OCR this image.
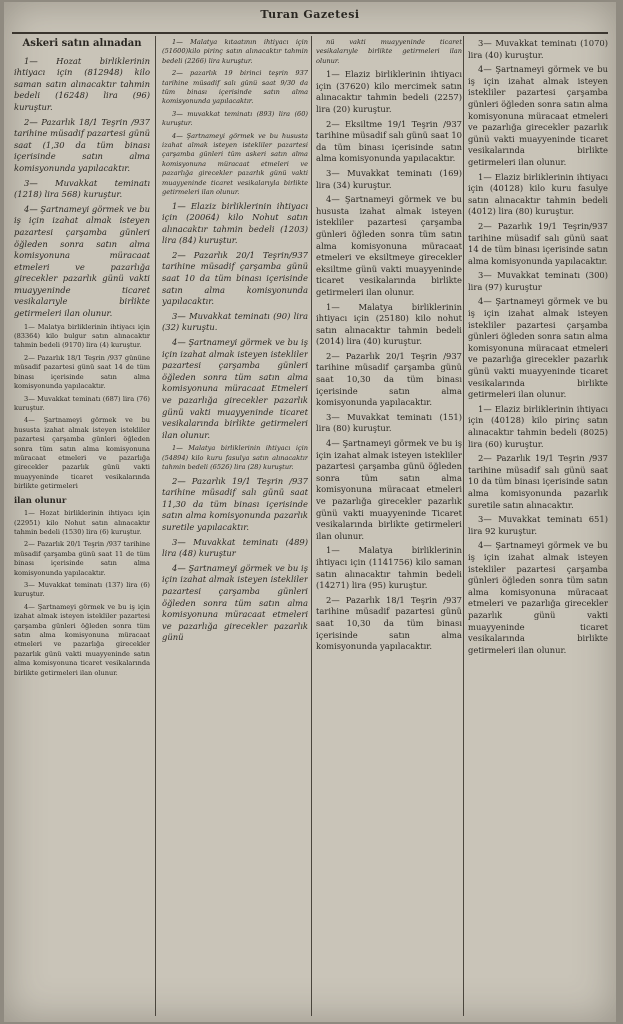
Turan Gazetesi

Askeri satın alınadan

1— Hozat birliklerinin ihtiyacı için (812948) kilo saman satın alınacaktır tahmin bedeli (16248) lira (96) kuruştur.

2— Pazarlık 18/1 Teşrin /937 tarihine müsadif pazartesi günü saat (1,30 da tüm binası içerisinde satın alma komisyonunda yapılacaktır.

3— Muvakkat teminatı (1218) lira 568) kuruştur.

4— Şartnameyi görmek ve bu iş için izahat almak isteyen pazartesi çarşamba günleri öğleden sonra satın alma komisyonuna müracaat etmeleri ve pazarlığa girecekler pazarlık günü vakti muayyeninde ticaret vesikalarıyle birlikte getirmeleri ilan olunur.

1— Malatya birliklerinin ihtiyacı için (83364) kilo bulgur satın alınacaktır tahmin bedeli (9170) lira (4) kuruştur.

2— Pazarlık 18/1 Teşrin /937 gününe müsadif pazartesi günü saat 14 de tüm binası içerisinde satın alma komisyonunda yapılacaktır.

3— Muvakkat teminatı (687) lira (76) kuruştur.

4— Şartnameyi görmek ve bu hususta izahat almak isteyen istekliler pazartesi çarşamba günleri öğleden sonra tüm satın alma komisyonuna müracaat etmeleri ve pazarlığa girecekler pazarlık günü vakti muayyeninde ticaret vesikalarında birlikte getirmeleri

ilan olunur

1— Hozat birliklerinin ihtiyacı için (22951) kilo Nohut satın alınacaktır tahmin bedeli (1530) lira (6) kuruştur.

2— Pazarlık 20/1 Teşrin /937 tarihine müsadif çarşamba günü saat 11 de tüm binası içerisinde satın alma komisyonunda yapılacaktır.

3— Muvakkat teminatı (137) lira (6) kuruştur.

4— Şartnameyi görmek ve bu iş için izahat almak isteyen istekliler pazartesi çarşamba günleri öğleden sonra tüm satın alma komisyonuna müracaat etmeleri ve pazarlığa girecekler pazarlık günü vakti muayyeninde satın alma komisyonuna ticaret vesikalarında birlikte getirmeleri ilan olunur.

1— Malatya kıtaatının ihtiyacı için (51600)kilo pirinç satın alınacaktır tahmin bedeli (2266) lira kuruştur.

2— pazarlık 19 birinci teşrin 937 tarihine müsadif salı günü saat 9/30 da tüm binası içerisinde satın alma komisyonunda yapılacaktır.

3— muvakkat teminatı (893) lira (60) kuruştur.

4— Şartnameyi görmek ve bu hususta izahat almak isteyen istekliler pazartesi çarşamba günleri tüm askeri satın alma komisyonuna müracaat etmeleri ve pazarlığa girecekler pazarlık günü vakti muayyeninde ticaret vesikalarıyla birlikte getirmeleri ilan olunur.

1— Elaziz birliklerinin ihtiyacı için (20064) kilo Nohut satın alınacaktır tahmin bedeli (1203) lira (84) kuruştur.

2— Pazarlık 20/1 Teşrin/937 tarihine müsadif çarşamba günü saat 10 da tüm binası içerisinde satın alma komisyonunda yapılacaktır.

3— Muvakkat teminatı (90) lira (32) kuruştu.

4— Şartnameyi görmek ve bu iş için izahat almak isteyen istekliler pazartesi çarşamba günleri öğleden sonra tüm satın alma komisyonuna müracaat Etmeleri ve pazarlığa girecekler pazarlık günü vakti muayyeninde ticaret vesikalarında birlikte getirmeleri ilan olunur.

1— Malatya birliklerinin ihtiyacı için (54894) kilo kuru fasulya satın alınacaktır tahmin bedeli (6526) lira (28) kuruştur.

2— Pazarlık 19/1 Teşrin /937 tarihine müsadif salı günü saat 11,30 da tüm binası içerisinde satın alma komisyonunda pazarlık suretile yapılacaktır.

3— Muvakkat teminatı (489) lira (48) kuruştur

4— Şartnameyi görmek ve bu iş için izahat almak isteyen istekliler pazartesi çarşamba günleri öğleden sonra tüm satın alma komisyonuna müracaat etmeleri ve pazarlığa girecekler pazarlık günü

nü vakti muayyeninde ticaret vesikalarıyle birlikte getirmeleri ilan olunur.

1— Elaziz birliklerinin ihtiyacı için (37620) kilo mercimek satın alınacaktır tahmin bedeli (2257) lira (20) kuruştur.

2— Eksiltme 19/1 Teşrin /937 tarihine müsadif salı günü saat 10 da tüm binası içerisinde satın alma komisyonunda yapılacaktır.

3— Muvakkat teminatı (169) lira (34) kuruştur.

4— Şartnameyi görmek ve bu hususta izahat almak isteyen istekliler pazartesi çarşamba günleri öğleden sonra tüm satın alma komisyonuna müracaat etmeleri ve eksiltmeye girecekler eksiltme günü vakti muayyeninde ticaret vesikalarında birlikte getirmeleri ilan olunur.

1— Malatya birliklerinin ihtiyacı için (25180) kilo nohut satın alınacaktır tahmin bedeli (2014) lira (40) kuruştur.

2— Pazarlık 20/1 Teşrin /937 tarihine müsadif çarşamba günü saat 10,30 da tüm binası içerisinde satın alma komisyonunda yapılacaktır.

3— Muvakkat teminatı (151) lira (80) kuruştur.

4— Şartnameyi görmek ve bu iş için izahat almak isteyen istekliler pazartesi çarşamba günü öğleden sonra tüm satın alma komisyonuna müracaat etmeleri ve pazarlığa girecekler pazarlık günü vakti muayyeninde Ticaret vesikalarında birlikte getirmeleri ilan olunur.

1— Malatya birliklerinin ihtiyacı için (1141756) kilo saman satın alınacaktır tahmin bedeli (14271) lira (95) kuruştur.

2— Pazarlık 18/1 Teşrin /937 tarihine müsadif pazartesi günü saat 10,30 da tüm binası içerisinde satın alma komisyonunda yapılacaktır.

3— Muvakkat teminatı (1070) lira (40) kuruştur.

4— Şartnameyi görmek ve bu iş için izahat almak isteyen istekliler pazartesi çarşamba günleri öğleden sonra satın alma komisyonuna müracaat etmeleri ve pazarlığa girecekler pazarlık günü vakti muayyeninde ticaret vesikalarında birlikte getirmeleri ilan olunur.

1— Elaziz birliklerinin ihtiyacı için (40128) kilo kuru fasulye satın alınacaktır tahmin bedeli (4012) lira (80) kuruştur.

2— Pazarlık 19/1 Teşrin/937 tarihine müsadif salı günü saat 14 de tüm binası içerisinde satın alma komisyonunda yapılacaktır.

3— Muvakkat teminatı (300) lira (97) kuruştur

4— Şartnameyi görmek ve bu iş için izahat almak isteyen istekliler pazartesi çarşamba günleri öğleden sonra satın alma komisyonuna müracaat etmeleri ve pazarlığa girecekler pazarlık günü vakti muayyeninde ticaret vesikalarında birlikte getirmeleri ilan olunur.

1— Elaziz birliklerinin ihtiyacı için (40128) kilo pirinç satın alınacaktır tahmin bedeli (8025) lira (60) kuruştur.

2— Pazarlık 19/1 Teşrin /937 tarihine müsadif salı günü saat 10 da tüm binası içerisinde satın alma komisyonunda pazarlık suretile satın alınacaktır.

3— Muvakkat teminatı 651) lira 92 kuruştur.

4— Şartnameyi görmek ve bu iş için izahat almak isteyen istekliler pazartesi çarşamba günleri öğleden sonra tüm satın alma komisyonuna müracaat etmeleri ve pazarlığa girecekler pazarlık günü vakti muayyeninde ticaret vesikalarında birlikte getirmeleri ilan olunur.
